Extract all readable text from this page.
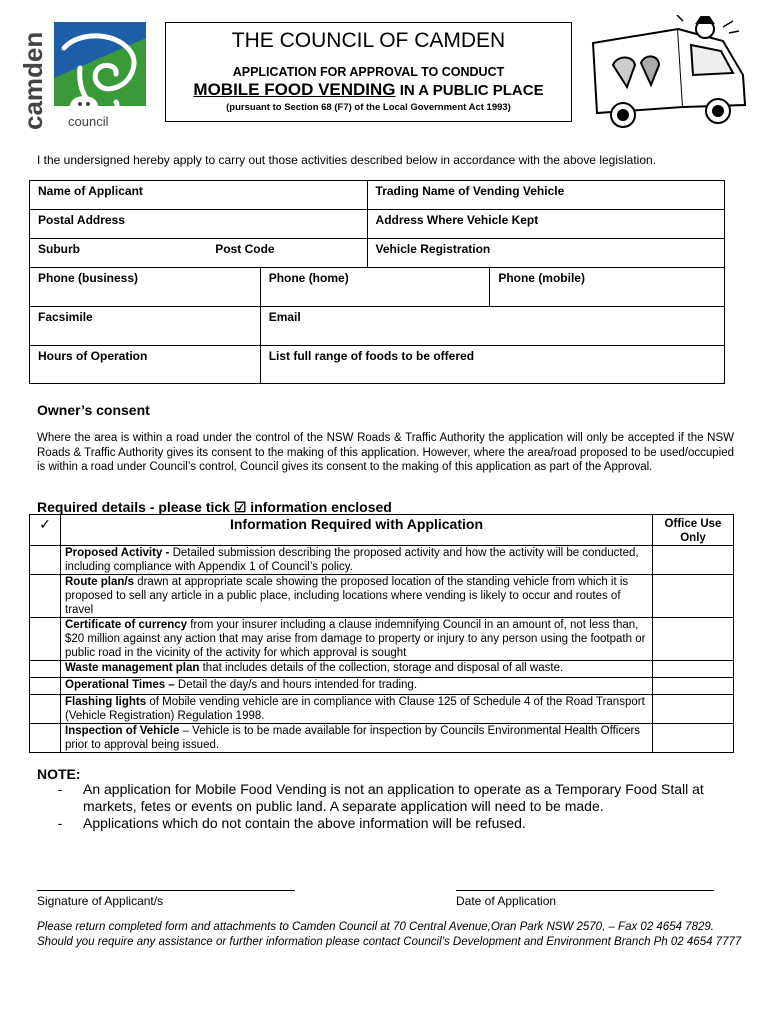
camden council
THE COUNCIL OF CAMDEN
APPLICATION FOR APPROVAL TO CONDUCT
MOBILE FOOD VENDING IN A PUBLIC PLACE
(pursuant to Section 68 (F7) of the Local Government Act 1993)
I the undersigned hereby apply to carry out those activities described below in accordance with the above legislation.
Name of Applicant			Trading Name of Vending Vehicle	
Postal Address			Address Where Vehicle Kept	
Suburb	Post Code		Vehicle Registration	
Phone (business)		Phone (home)		Phone (mobile)
Facsimile		Email		
Hours of Operation		List full range of foods to be offered		
Owner’s consent
Where the area is within a road under the control of the NSW Roads & Traffic Authority the application will only be accepted if the NSW Roads & Traffic Authority gives its consent to the making of this application. However, where the area/road proposed to be used/occupied is within a road under Council’s control, Council gives its consent to the making of this application as part of the Approval.
Required details - please tick ☑ information enclosed
✓	Information Required with Application	Office Use Only
	Proposed Activity - Detailed submission describing the proposed activity and how the activity will be conducted, including compliance with Appendix 1 of Council’s policy.	
	Route plan/s drawn at appropriate scale showing the proposed location of the standing vehicle from which it is proposed to sell any article in a public place, including locations where vending is likely to occur and routes of travel	
	Certificate of currency from your insurer including a clause indemnifying Council in an amount of, not less than, $20 million against any action that may arise from damage to property or injury to any person using the footpath or public road in the vicinity of the activity for which approval is sought	
	Waste management plan that includes details of the collection, storage and disposal of all waste.	
	Operational Times – Detail the day/s and hours intended for trading.	
	Flashing lights of Mobile vending vehicle are in compliance with Clause 125 of Schedule 4 of the Road Transport (Vehicle Registration) Regulation 1998.	
	Inspection of Vehicle – Vehicle is to be made available for inspection by Councils Environmental Health Officers prior to approval being issued.	
NOTE:
-	An application for Mobile Food Vending is not an application to operate as a Temporary Food Stall at markets, fetes or events on public land. A separate application will need to be made.
-	Applications which do not contain the above information will be refused.
Signature of Applicant/s	Date of Application
Please return completed form and attachments to Camden Council at 70 Central Avenue,Oran Park NSW 2570, – Fax 02 4654 7829. Should you require any assistance or further information please contact Council’s Development and Environment Branch Ph 02 4654 7777
